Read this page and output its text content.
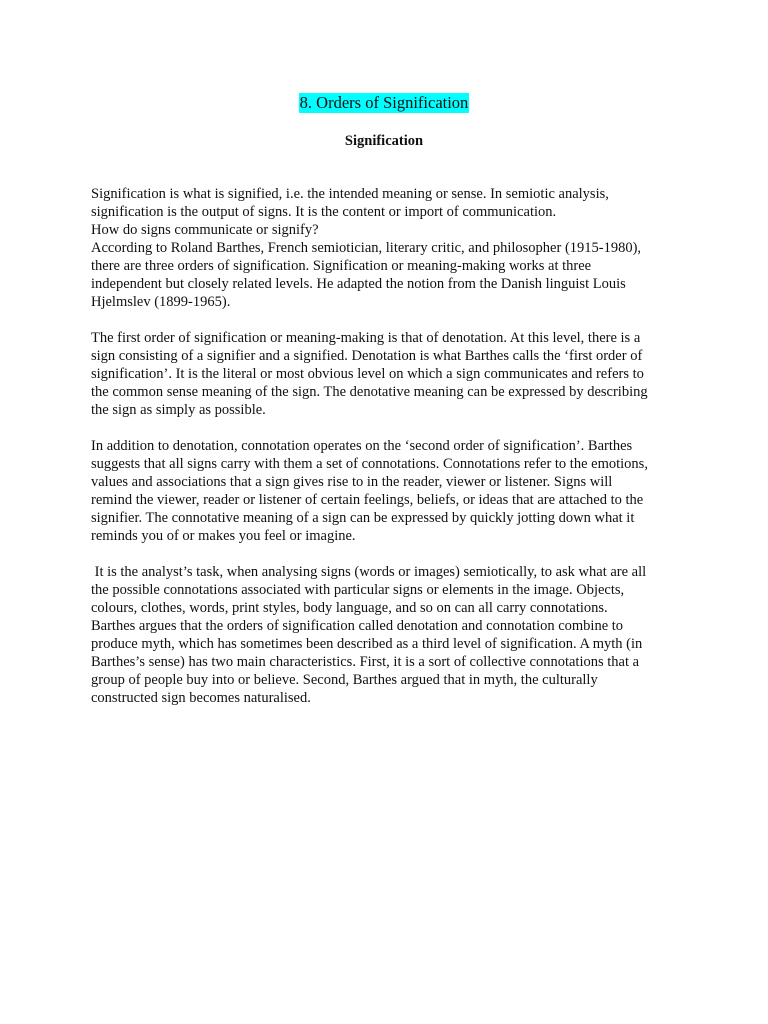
8. Orders of Signification
Signification

Signification is what is signified, i.e. the intended meaning or sense. In semiotic analysis,
signification is the output of signs. It is the content or import of communication.
How do signs communicate or signify?
According to Roland Barthes, French semiotician, literary critic, and philosopher (1915-1980),
there are three orders of signification. Signification or meaning-making works at three
independent but closely related levels. He adapted the notion from the Danish linguist Louis
Hjelmslev (1899-1965).

The first order of signification or meaning-making is that of denotation. At this level, there is a
sign consisting of a signifier and a signified. Denotation is what Barthes calls the ‘first order of
signification’. It is the literal or most obvious level on which a sign communicates and refers to
the common sense meaning of the sign. The denotative meaning can be expressed by describing
the sign as simply as possible.

In addition to denotation, connotation operates on the ‘second order of signification’. Barthes
suggests that all signs carry with them a set of connotations. Connotations refer to the emotions,
values and associations that a sign gives rise to in the reader, viewer or listener. Signs will
remind the viewer, reader or listener of certain feelings, beliefs, or ideas that are attached to the
signifier. The connotative meaning of a sign can be expressed by quickly jotting down what it
reminds you of or makes you feel or imagine.

It is the analyst’s task, when analysing signs (words or images) semiotically, to ask what are all
the possible connotations associated with particular signs or elements in the image. Objects,
colours, clothes, words, print styles, body language, and so on can all carry connotations.
Barthes argues that the orders of signification called denotation and connotation combine to
produce myth, which has sometimes been described as a third level of signification. A myth (in
Barthes’s sense) has two main characteristics. First, it is a sort of collective connotations that a
group of people buy into or believe. Second, Barthes argued that in myth, the culturally
constructed sign becomes naturalised.
